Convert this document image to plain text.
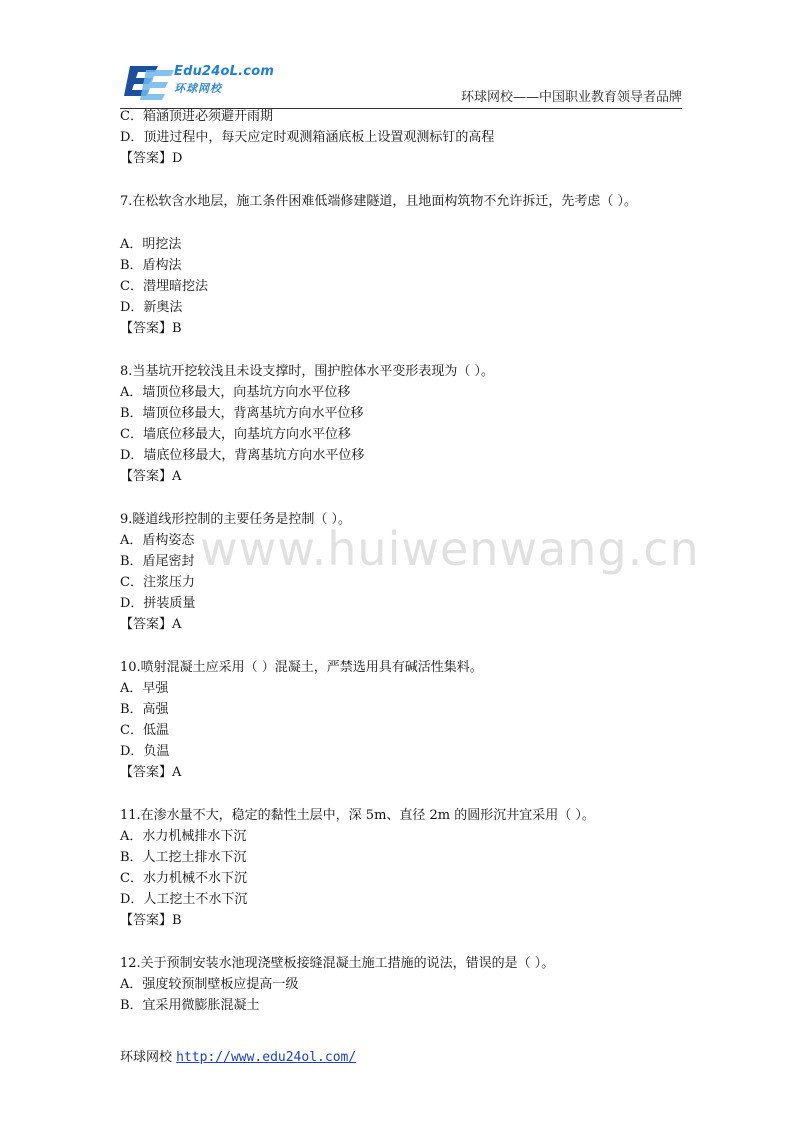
Edu24oL.com
环球网校
环球网校——中国职业教育领导者品牌
C．箱涵顶进必须避开雨期
D．顶进过程中，每天应定时观测箱涵底板上设置观测标钉的高程
【答案】D
7.在松软含水地层，施工条件困难低端修建隧道，且地面构筑物不允许拆迁，先考虑（ ）。
A．明挖法
B．盾构法
C．潜埋暗挖法
D．新奥法
【答案】B
8.当基坑开挖较浅且未设支撑时，围护腔体水平变形表现为（ ）。
A．墙顶位移最大，向基坑方向水平位移
B．墙顶位移最大，背离基坑方向水平位移
C．墙底位移最大，向基坑方向水平位移
D．墙底位移最大，背离基坑方向水平位移
【答案】A
9.隧道线形控制的主要任务是控制（ ）。
A．盾构姿态
B．盾尾密封
C．注浆压力
D．拼装质量
【答案】A
10.喷射混凝土应采用（ ）混凝土，严禁选用具有碱活性集料。
A．早强
B．高强
C．低温
D．负温
【答案】A
11.在渗水量不大，稳定的黏性土层中，深 5m、直径 2m 的圆形沉井宜采用（ ）。
A．水力机械排水下沉
B．人工挖土排水下沉
C．水力机械不水下沉
D．人工挖土不水下沉
【答案】B
12.关于预制安装水池现浇壁板接缝混凝土施工措施的说法，错误的是（ ）。
A．强度较预制壁板应提高一级
B．宜采用微膨胀混凝土
www.huiwenwang.cn
环球网校 http://www.edu24ol.com/
